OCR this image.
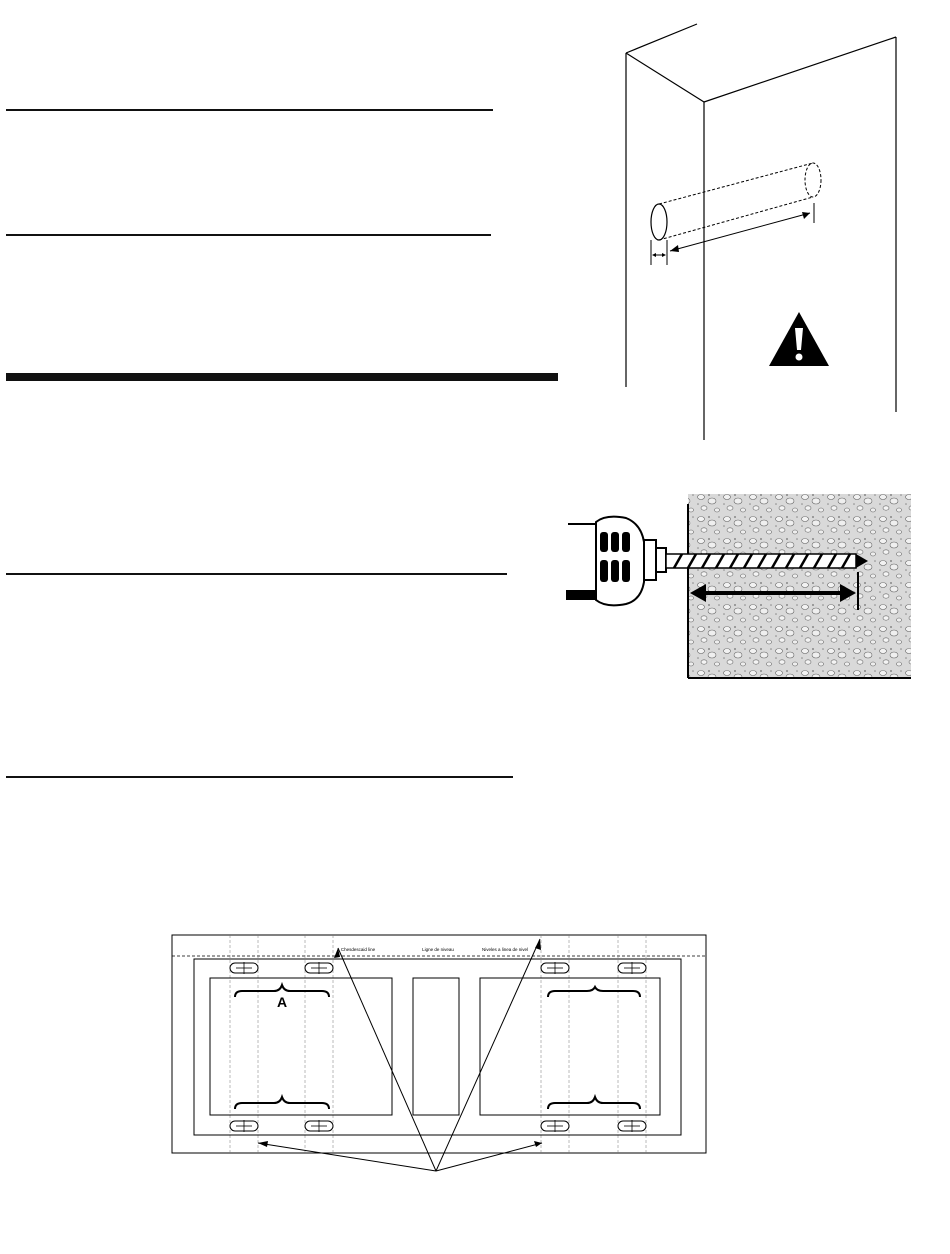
A
Chesdescaid line	Ligne de niveau	Niveles a linea de nivel
